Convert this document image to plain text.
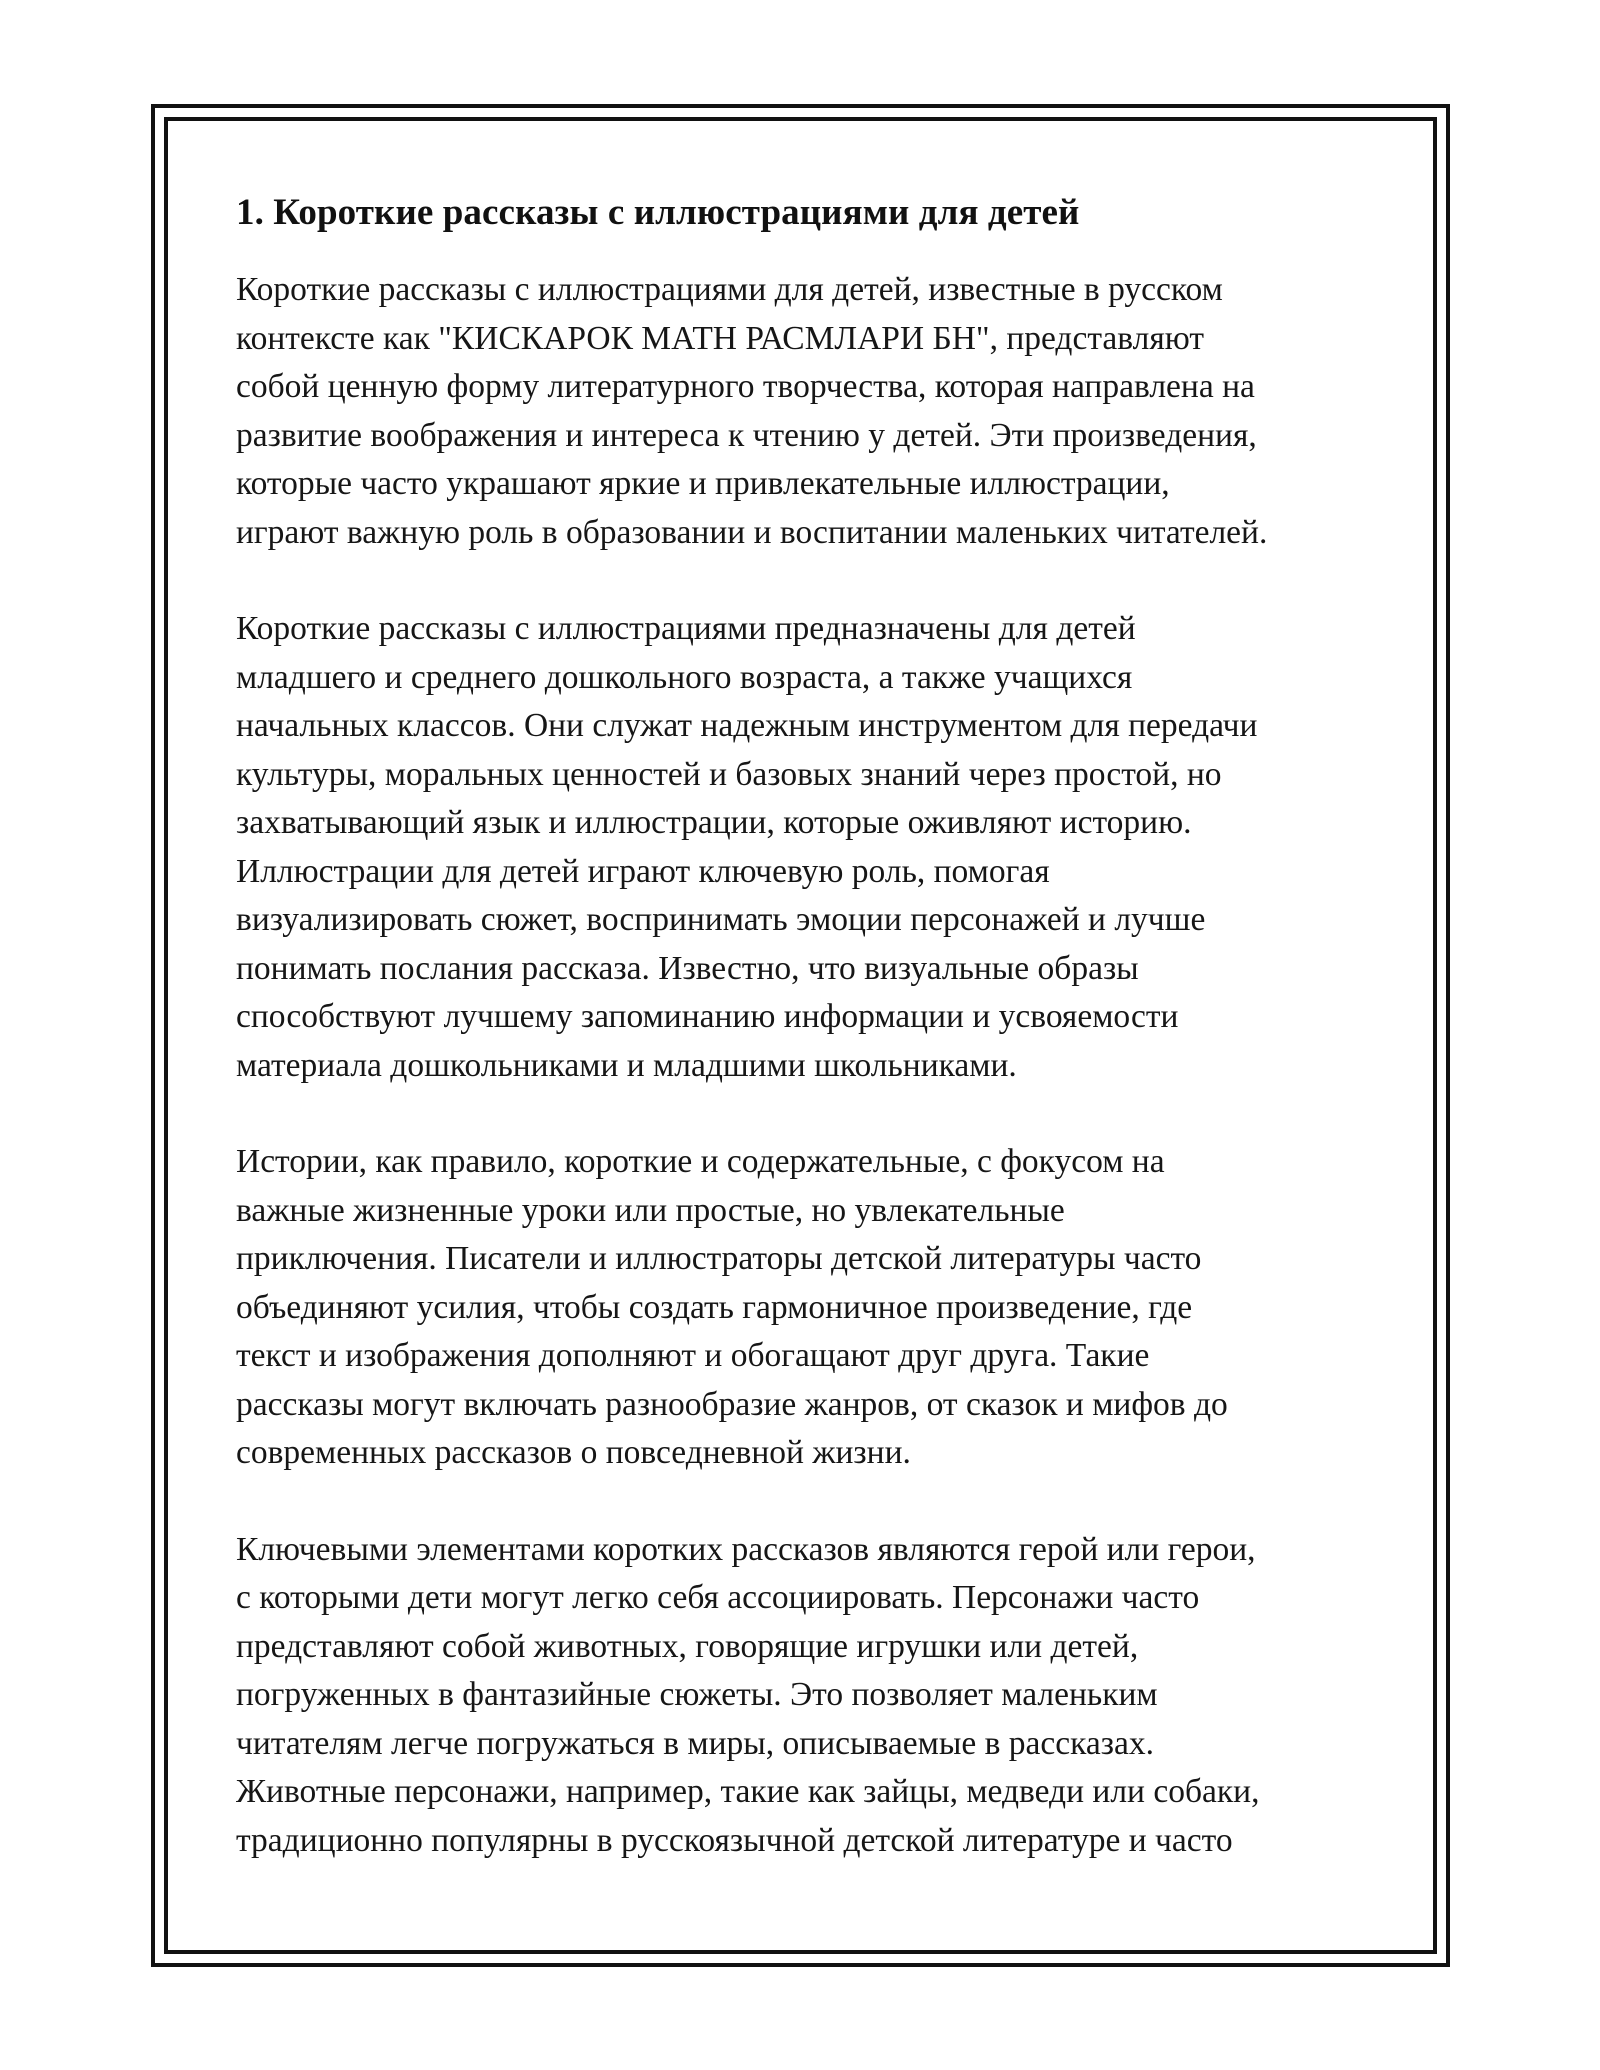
1. Короткие рассказы с иллюстрациями для детей

Короткие рассказы с иллюстрациями для детей, известные в русском
контексте как "КИСКАРОК МАТН РАСМЛАРИ БН", представляют
собой ценную форму литературного творчества, которая направлена на
развитие воображения и интереса к чтению у детей. Эти произведения,
которые часто украшают яркие и привлекательные иллюстрации,
играют важную роль в образовании и воспитании маленьких читателей.

Короткие рассказы с иллюстрациями предназначены для детей
младшего и среднего дошкольного возраста, а также учащихся
начальных классов. Они служат надежным инструментом для передачи
культуры, моральных ценностей и базовых знаний через простой, но
захватывающий язык и иллюстрации, которые оживляют историю.
Иллюстрации для детей играют ключевую роль, помогая
визуализировать сюжет, воспринимать эмоции персонажей и лучше
понимать послания рассказа. Известно, что визуальные образы
способствуют лучшему запоминанию информации и усвояемости
материала дошкольниками и младшими школьниками.

Истории, как правило, короткие и содержательные, с фокусом на
важные жизненные уроки или простые, но увлекательные
приключения. Писатели и иллюстраторы детской литературы часто
объединяют усилия, чтобы создать гармоничное произведение, где
текст и изображения дополняют и обогащают друг друга. Такие
рассказы могут включать разнообразие жанров, от сказок и мифов до
современных рассказов о повседневной жизни.

Ключевыми элементами коротких рассказов являются герой или герои,
с которыми дети могут легко себя ассоциировать. Персонажи часто
представляют собой животных, говорящие игрушки или детей,
погруженных в фантазийные сюжеты. Это позволяет маленьким
читателям легче погружаться в миры, описываемые в рассказах.
Животные персонажи, например, такие как зайцы, медведи или собаки,
традиционно популярны в русскоязычной детской литературе и часто
